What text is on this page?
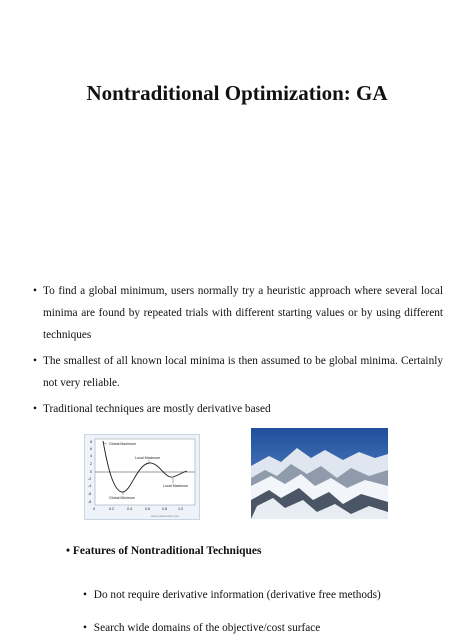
Nontraditional Optimization: GA
• To find a global minimum, users normally try a heuristic approach where several local minima are found by repeated trials with different starting values or by using different techniques
• The smallest of all known local minima is then assumed to be global minima. Certainly not very reliable.
• Traditional techniques are mostly derivative based
8
6
4
2
0
-2
-4
-6
-8
0	0.2	0.4	0.6	0.8	1.0
Global Maximum
Local Maximum
Local Maximum
Global Minimum
www.mathworks.com
• Features of Nontraditional Techniques
• Do not require derivative information (derivative free methods)
• Search wide domains of the objective/cost surface
